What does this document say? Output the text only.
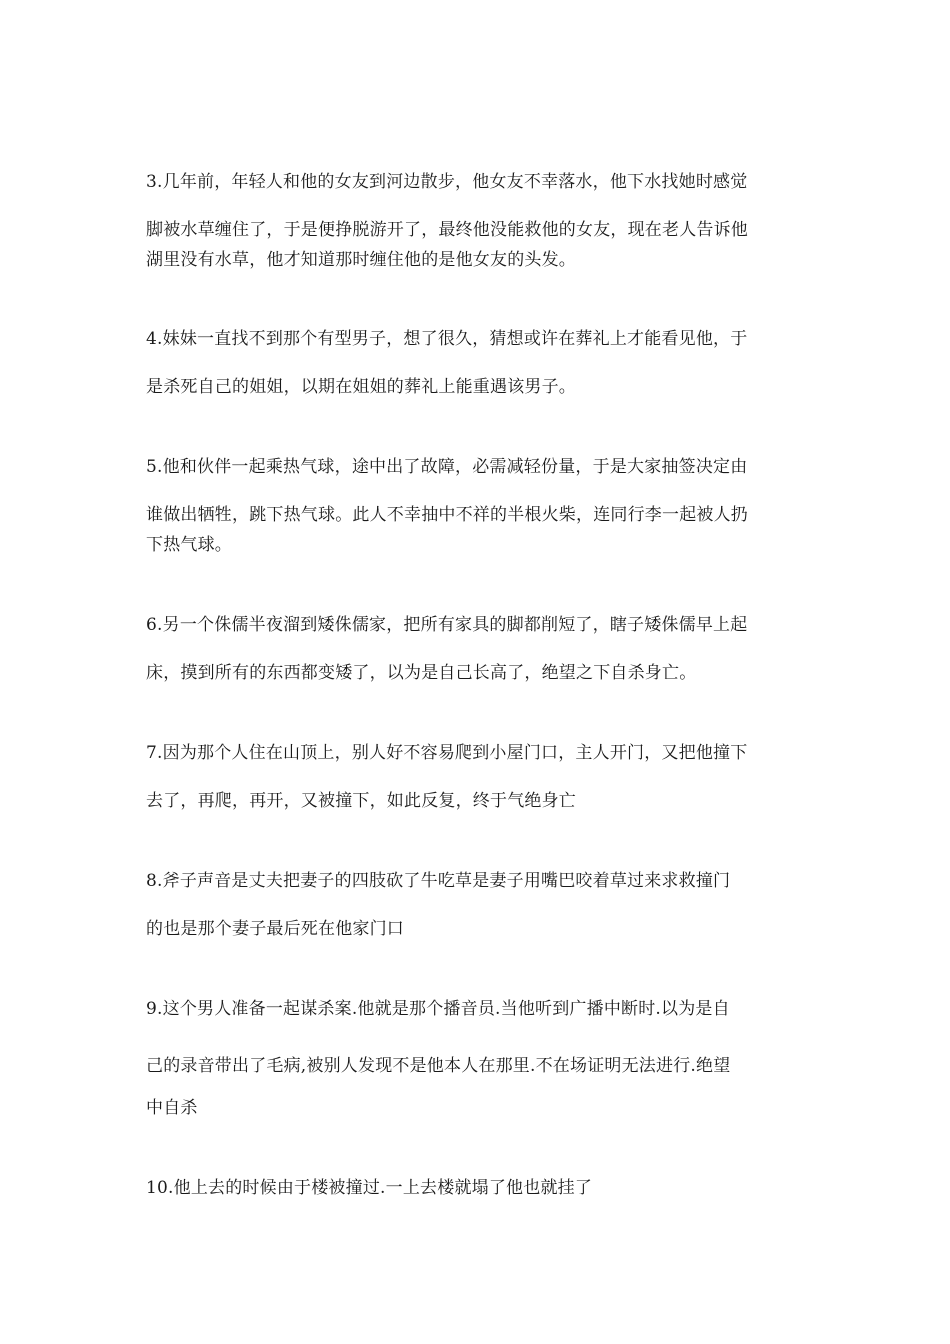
3.几年前，年轻人和他的女友到河边散步，他女友不幸落水，他下水找她时感觉
脚被水草缠住了，于是便挣脱游开了，最终他没能救他的女友，现在老人告诉他
湖里没有水草，他才知道那时缠住他的是他女友的头发。
4.妹妹一直找不到那个有型男子，想了很久，猜想或许在葬礼上才能看见他，于
是杀死自己的姐姐，以期在姐姐的葬礼上能重遇该男子。
5.他和伙伴一起乘热气球，途中出了故障，必需减轻份量，于是大家抽签决定由
谁做出牺牲，跳下热气球。此人不幸抽中不祥的半根火柴，连同行李一起被人扔
下热气球。
6.另一个侏儒半夜溜到矮侏儒家，把所有家具的脚都削短了，瞎子矮侏儒早上起
床，摸到所有的东西都变矮了，以为是自己长高了，绝望之下自杀身亡。
7.因为那个人住在山顶上，别人好不容易爬到小屋门口，主人开门，又把他撞下
去了，再爬，再开，又被撞下，如此反复，终于气绝身亡
8.斧子声音是丈夫把妻子的四肢砍了牛吃草是妻子用嘴巴咬着草过来求救撞门
的也是那个妻子最后死在他家门口
9.这个男人准备一起谋杀案.他就是那个播音员.当他听到广播中断时.以为是自
己的录音带出了毛病,被别人发现不是他本人在那里.不在场证明无法进行.绝望
中自杀
10.他上去的时候由于楼被撞过.一上去楼就塌了他也就挂了
